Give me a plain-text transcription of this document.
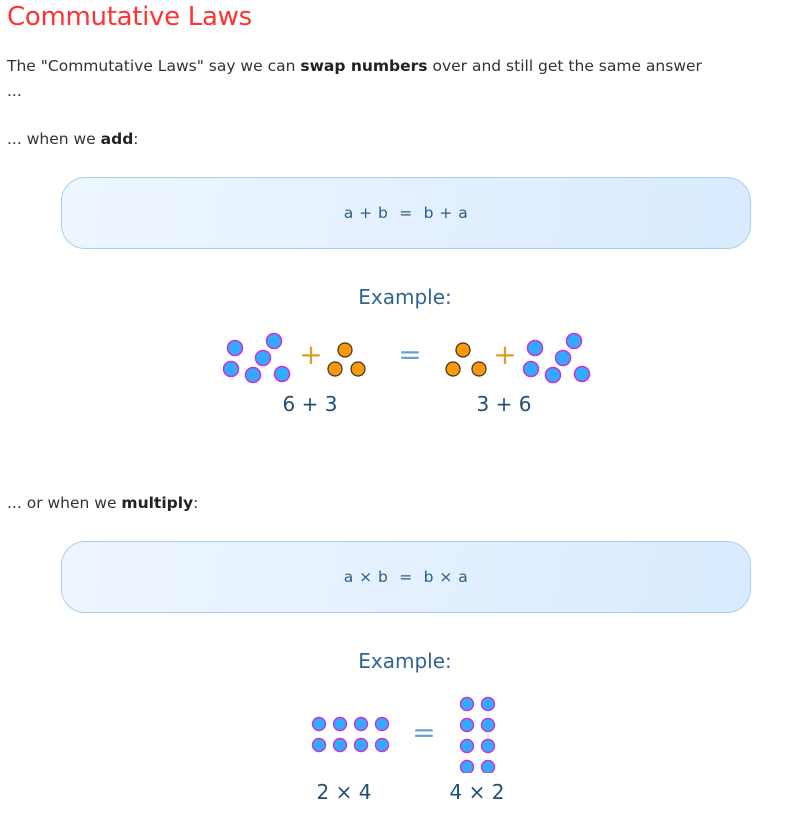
Commutative Laws

The "Commutative Laws" say we can swap numbers over and still get the same answer ...

... when we add:

a + b  =  b + a
Example:
+	=	+
6 + 3	3 + 6

... or when we multiply:

a × b  =  b × a
Example:
=
2 × 4	4 × 2
